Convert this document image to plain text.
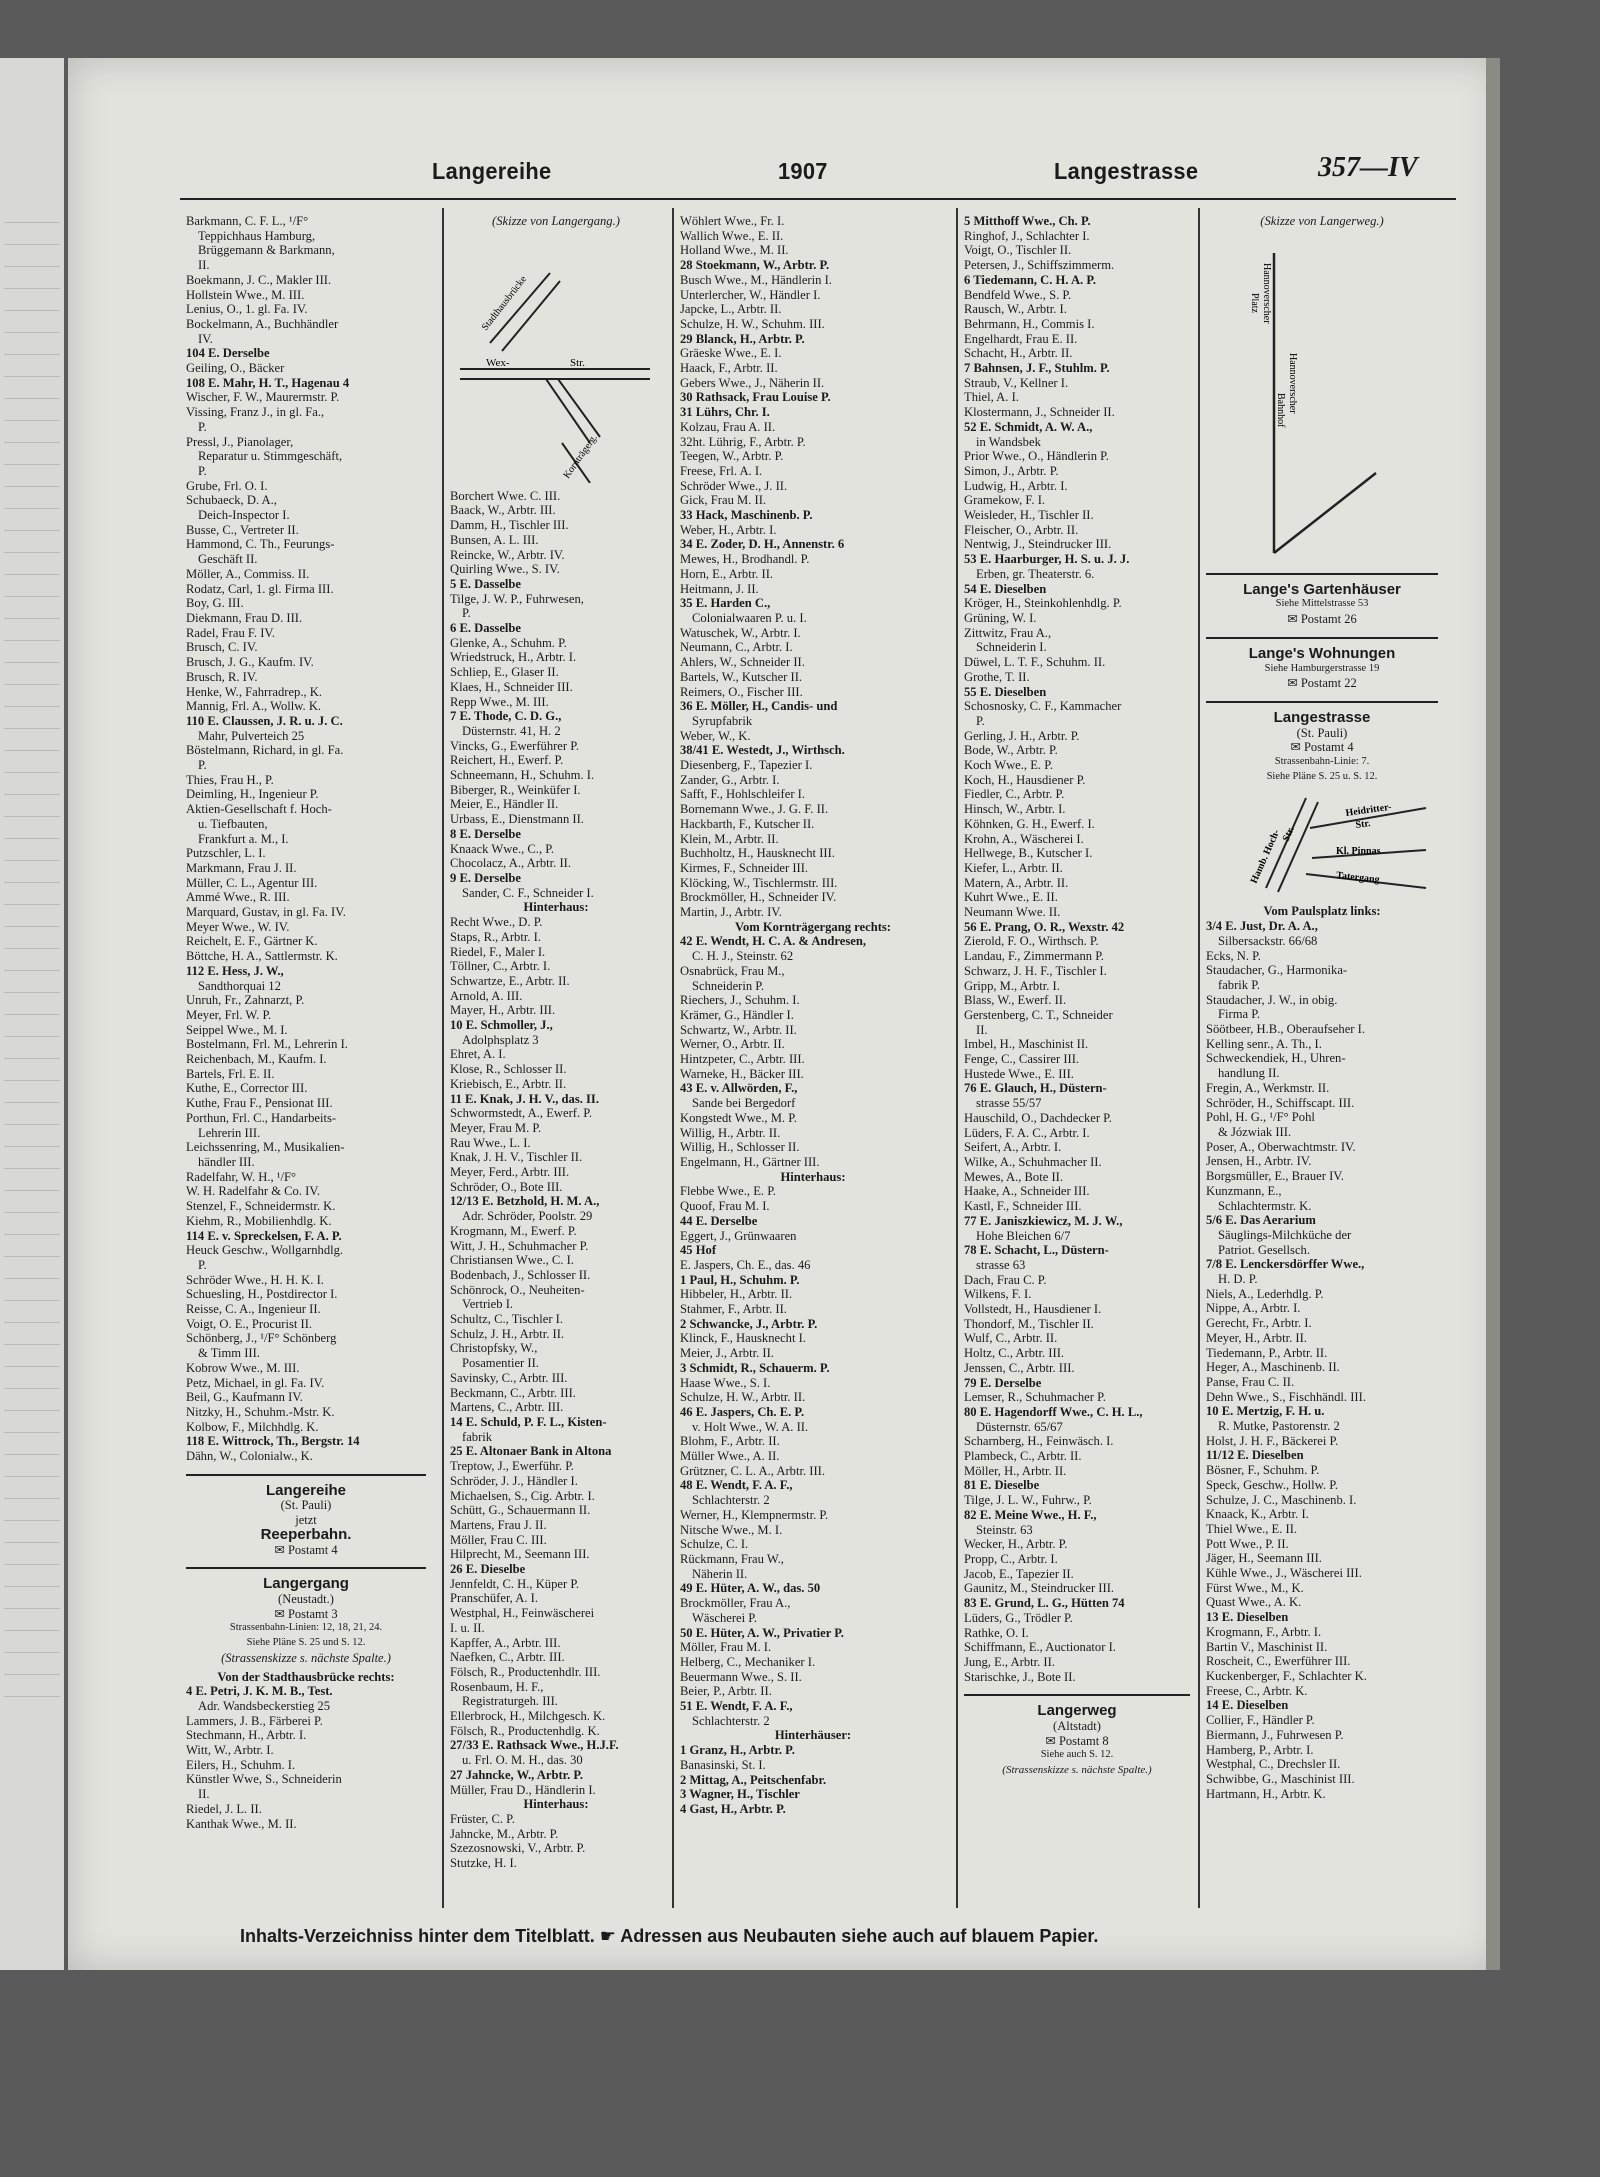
Langereihe	1907	Langestrasse	357—IV
Barkmann, C. F. L., ¹/F°
Teppichhaus Hamburg,
Brüggemann & Barkmann,
II.
Boekmann, J. C., Makler III.
Hollstein Wwe., M. III.
Lenius, O., 1. gl. Fa. IV.
Bockelmann, A., Buchhändler
IV.
104 E. Derselbe
Geiling, O., Bäcker
108 E. Mahr, H. T., Hagenau 4
Wischer, F. W., Maurermstr. P.
Vissing, Franz J., in gl. Fa.,
P.
Pressl, J., Pianolager,
Reparatur u. Stimmgeschäft,
P.
Grube, Frl. O. I.
Schubaeck, D. A.,
Deich-Inspector I.
Busse, C., Vertreter II.
Hammond, C. Th., Feurungs-
Geschäft II.
Möller, A., Commiss. II.
Rodatz, Carl, 1. gl. Firma III.
Boy, G. III.
Diekmann, Frau D. III.
Radel, Frau F. IV.
Brusch, C. IV.
Brusch, J. G., Kaufm. IV.
Brusch, R. IV.
Henke, W., Fahrradrep., K.
Mannig, Frl. A., Wollw. K.
110 E. Claussen, J. R. u. J. C.
Mahr, Pulverteich 25
Böstelmann, Richard, in gl. Fa.
P.
Thies, Frau H., P.
Deimling, H., Ingenieur P.
Aktien-Gesellschaft f. Hoch-
u. Tiefbauten,
Frankfurt a. M., I.
Putzschler, L. I.
Markmann, Frau J. II.
Müller, C. L., Agentur III.
Ammé Wwe., R. III.
Marquard, Gustav, in gl. Fa. IV.
Meyer Wwe., W. IV.
Reichelt, E. F., Gärtner K.
Böttche, H. A., Sattlermstr. K.
112 E. Hess, J. W.,
Sandthorquai 12
Unruh, Fr., Zahnarzt, P.
Meyer, Frl. W. P.
Seippel Wwe., M. I.
Bostelmann, Frl. M., Lehrerin I.
Reichenbach, M., Kaufm. I.
Bartels, Frl. E. II.
Kuthe, E., Corrector III.
Kuthe, Frau F., Pensionat III.
Porthun, Frl. C., Handarbeits-
Lehrerin III.
Leichssenring, M., Musikalien-
händler III.
Radelfahr, W. H., ¹/F°
W. H. Radelfahr & Co. IV.
Stenzel, F., Schneidermstr. K.
Kiehm, R., Mobilienhdlg. K.
114 E. v. Spreckelsen, F. A. P.
Heuck Geschw., Wollgarnhdlg.
P.
Schröder Wwe., H. H. K. I.
Schuesling, H., Postdirector I.
Reisse, C. A., Ingenieur II.
Voigt, O. E., Procurist II.
Schönberg, J., ¹/F° Schönberg
& Timm III.
Kobrow Wwe., M. III.
Petz, Michael, in gl. Fa. IV.
Beil, G., Kaufmann IV.
Nitzky, H., Schuhm.-Mstr. K.
Kolbow, F., Milchhdlg. K.
118 E. Wittrock, Th., Bergstr. 14
Dähn, W., Colonialw., K.
Langereihe
(St. Pauli)
jetzt
Reeperbahn.
✉ Postamt 4
Langergang
(Neustadt.)
✉ Postamt 3
Strassenbahn-Linien: 12, 18, 21, 24.
Siehe Pläne S. 25 und S. 12.
(Strassenskizze s. nächste Spalte.)
Von der Stadthausbrücke rechts:
4 E. Petri, J. K. M. B., Test.
Adr. Wandsbeckerstieg 25
Lammers, J. B., Färberei P.
Stechmann, H., Arbtr. I.
Witt, W., Arbtr. I.
Eilers, H., Schuhm. I.
Künstler Wwe, S., Schneiderin
II.
Riedel, J. L. II.
Kanthak Wwe., M. II.
(Skizze von Langergang.)
Stadthausbrücke
Wex-	Str.
Kornträgerg.
Borchert Wwe. C. III.
Baack, W., Arbtr. III.
Damm, H., Tischler III.
Bunsen, A. L. III.
Reincke, W., Arbtr. IV.
Quirling Wwe., S. IV.
5 E. Dasselbe
Tilge, J. W. P., Fuhrwesen,
P.
6 E. Dasselbe
Glenke, A., Schuhm. P.
Wriedstruck, H., Arbtr. I.
Schliep, E., Glaser II.
Klaes, H., Schneider III.
Repp Wwe., M. III.
7 E. Thode, C. D. G.,
Düsternstr. 41, H. 2
Vincks, G., Ewerführer P.
Reichert, H., Ewerf. P.
Schneemann, H., Schuhm. I.
Biberger, R., Weinküfer I.
Meier, E., Händler II.
Urbass, E., Dienstmann II.
8 E. Derselbe
Knaack Wwe., C., P.
Chocolacz, A., Arbtr. II.
9 E. Derselbe
Sander, C. F., Schneider I.
Hinterhaus:
Recht Wwe., D. P.
Staps, R., Arbtr. I.
Riedel, F., Maler I.
Töllner, C., Arbtr. I.
Schwartze, E., Arbtr. II.
Arnold, A. III.
Mayer, H., Arbtr. III.
10 E. Schmoller, J.,
Adolphsplatz 3
Ehret, A. I.
Klose, R., Schlosser II.
Kriebisch, E., Arbtr. II.
11 E. Knak, J. H. V., das. II.
Schwormstedt, A., Ewerf. P.
Meyer, Frau M. P.
Rau Wwe., L. I.
Knak, J. H. V., Tischler II.
Meyer, Ferd., Arbtr. III.
Schröder, O., Bote III.
12/13 E. Betzhold, H. M. A.,
Adr. Schröder, Poolstr. 29
Krogmann, M., Ewerf. P.
Witt, J. H., Schuhmacher P.
Christiansen Wwe., C. I.
Bodenbach, J., Schlosser II.
Schönrock, O., Neuheiten-
Vertrieb I.
Schultz, C., Tischler I.
Schulz, J. H., Arbtr. II.
Christopfsky, W.,
Posamentier II.
Savinsky, C., Arbtr. III.
Beckmann, C., Arbtr. III.
Martens, C., Arbtr. III.
14 E. Schuld, P. F. L., Kisten-
fabrik
25 E. Altonaer Bank in Altona
Treptow, J., Ewerführ. P.
Schröder, J. J., Händler I.
Michaelsen, S., Cig. Arbtr. I.
Schütt, G., Schauermann II.
Martens, Frau J. II.
Möller, Frau C. III.
Hilprecht, M., Seemann III.
26 E. Dieselbe
Jennfeldt, C. H., Küper P.
Pranschüfer, A. I.
Westphal, H., Feinwäscherei
I. u. II.
Kapffer, A., Arbtr. III.
Naefken, C., Arbtr. III.
Fölsch, R., Productenhdlr. III.
Rosenbaum, H. F.,
Registraturgeh. III.
Ellerbrock, H., Milchgesch. K.
Fölsch, R., Productenhdlg. K.
27/33 E. Rathsack Wwe., H.J.F.
u. Frl. O. M. H., das. 30
27 Jahncke, W., Arbtr. P.
Müller, Frau D., Händlerin I.
Hinterhaus:
Früster, C. P.
Jahncke, M., Arbtr. P.
Szezosnowski, V., Arbtr. P.
Stutzke, H. I.
Wöhlert Wwe., Fr. I.
Wallich Wwe., E. II.
Holland Wwe., M. II.
28 Stoekmann, W., Arbtr. P.
Busch Wwe., M., Händlerin I.
Unterlercher, W., Händler I.
Japcke, L., Arbtr. II.
Schulze, H. W., Schuhm. III.
29 Blanck, H., Arbtr. P.
Gräeske Wwe., E. I.
Haack, F., Arbtr. II.
Gebers Wwe., J., Näherin II.
30 Rathsack, Frau Louise P.
31 Lührs, Chr. I.
Kolzau, Frau A. II.
32ht. Lührig, F., Arbtr. P.
Teegen, W., Arbtr. P.
Freese, Frl. A. I.
Schröder Wwe., J. II.
Gick, Frau M. II.
33 Hack, Maschinenb. P.
Weber, H., Arbtr. I.
34 E. Zoder, D. H., Annenstr. 6
Mewes, H., Brodhandl. P.
Horn, E., Arbtr. II.
Heitmann, J. II.
35 E. Harden C.,
Colonialwaaren P. u. I.
Watuschek, W., Arbtr. I.
Neumann, C., Arbtr. I.
Ahlers, W., Schneider II.
Bartels, W., Kutscher II.
Reimers, O., Fischer III.
36 E. Möller, H., Candis- und
Syrupfabrik
Weber, W., K.
38/41 E. Westedt, J., Wirthsch.
Diesenberg, F., Tapezier I.
Zander, G., Arbtr. I.
Safft, F., Hohlschleifer I.
Bornemann Wwe., J. G. F. II.
Hackbarth, F., Kutscher II.
Klein, M., Arbtr. II.
Buchholtz, H., Hausknecht III.
Kirmes, F., Schneider III.
Klöcking, W., Tischlermstr. III.
Brockmöller, H., Schneider IV.
Martin, J., Arbtr. IV.
Vom Kornträgergang rechts:
42 E. Wendt, H. C. A. & Andresen,
C. H. J., Steinstr. 62
Osnabrück, Frau M.,
Schneiderin P.
Riechers, J., Schuhm. I.
Krämer, G., Händler I.
Schwartz, W., Arbtr. II.
Werner, O., Arbtr. II.
Hintzpeter, C., Arbtr. III.
Warneke, H., Bäcker III.
43 E. v. Allwörden, F.,
Sande bei Bergedorf
Kongstedt Wwe., M. P.
Willig, H., Arbtr. II.
Willig, H., Schlosser II.
Engelmann, H., Gärtner III.
Hinterhaus:
Flebbe Wwe., E. P.
Quoof, Frau M. I.
44 E. Derselbe
Eggert, J., Grünwaaren
45 Hof
E. Jaspers, Ch. E., das. 46
1 Paul, H., Schuhm. P.
Hibbeler, H., Arbtr. II.
Stahmer, F., Arbtr. II.
2 Schwancke, J., Arbtr. P.
Klinck, F., Hausknecht I.
Meier, J., Arbtr. II.
3 Schmidt, R., Schauerm. P.
Haase Wwe., S. I.
Schulze, H. W., Arbtr. II.
46 E. Jaspers, Ch. E. P.
v. Holt Wwe., W. A. II.
Blohm, F., Arbtr. II.
Müller Wwe., A. II.
Grützner, C. L. A., Arbtr. III.
48 E. Wendt, F. A. F.,
Schlachterstr. 2
Werner, H., Klempnermstr. P.
Nitsche Wwe., M. I.
Schulze, C. I.
Rückmann, Frau W.,
Näherin II.
49 E. Hüter, A. W., das. 50
Brockmöller, Frau A.,
Wäscherei P.
50 E. Hüter, A. W., Privatier P.
Möller, Frau M. I.
Helberg, C., Mechaniker I.
Beuermann Wwe., S. II.
Beier, P., Arbtr. II.
51 E. Wendt, F. A. F.,
Schlachterstr. 2
Hinterhäuser:
1 Granz, H., Arbtr. P.
Banasinski, St. I.
2 Mittag, A., Peitschenfabr.
3 Wagner, H., Tischler
4 Gast, H., Arbtr. P.
5 Mitthoff Wwe., Ch. P.
Ringhof, J., Schlachter I.
Voigt, O., Tischler II.
Petersen, J., Schiffszimmerm.
6 Tiedemann, C. H. A. P.
Bendfeld Wwe., S. P.
Rausch, W., Arbtr. I.
Behrmann, H., Commis I.
Engelhardt, Frau E. II.
Schacht, H., Arbtr. II.
7 Bahnsen, J. F., Stuhlm. P.
Straub, V., Kellner I.
Thiel, A. I.
Klostermann, J., Schneider II.
52 E. Schmidt, A. W. A.,
in Wandsbek
Prior Wwe., O., Händlerin P.
Simon, J., Arbtr. P.
Ludwig, H., Arbtr. I.
Gramekow, F. I.
Weisleder, H., Tischler II.
Fleischer, O., Arbtr. II.
Nentwig, J., Steindrucker III.
53 E. Haarburger, H. S. u. J. J.
Erben, gr. Theaterstr. 6.
54 E. Dieselben
Kröger, H., Steinkohlenhdlg. P.
Grüning, W. I.
Zittwitz, Frau A.,
Schneiderin I.
Düwel, L. T. F., Schuhm. II.
Grothe, T. II.
55 E. Dieselben
Schosnosky, C. F., Kammacher
P.
Gerling, J. H., Arbtr. P.
Bode, W., Arbtr. P.
Koch Wwe., E. P.
Koch, H., Hausdiener P.
Fiedler, C., Arbtr. P.
Hinsch, W., Arbtr. I.
Köhnken, G. H., Ewerf. I.
Krohn, A., Wäscherei I.
Hellwege, B., Kutscher I.
Kiefer, L., Arbtr. II.
Matern, A., Arbtr. II.
Kuhrt Wwe., E. II.
Neumann Wwe. II.
56 E. Prang, O. R., Wexstr. 42
Zierold, F. O., Wirthsch. P.
Landau, F., Zimmermann P.
Schwarz, J. H. F., Tischler I.
Gripp, M., Arbtr. I.
Blass, W., Ewerf. II.
Gerstenberg, C. T., Schneider
II.
Imbel, H., Maschinist II.
Fenge, C., Cassirer III.
Hustede Wwe., E. III.
76 E. Glauch, H., Düstern-
strasse 55/57
Hauschild, O., Dachdecker P.
Lüders, F. A. C., Arbtr. I.
Seifert, A., Arbtr. I.
Wilke, A., Schuhmacher II.
Mewes, A., Bote II.
Haake, A., Schneider III.
Kastl, F., Schneider III.
77 E. Janiszkiewicz, M. J. W.,
Hohe Bleichen 6/7
78 E. Schacht, L., Düstern-
strasse 63
Dach, Frau C. P.
Wilkens, F. I.
Vollstedt, H., Hausdiener I.
Thondorf, M., Tischler II.
Wulf, C., Arbtr. II.
Holtz, C., Arbtr. III.
Jenssen, C., Arbtr. III.
79 E. Derselbe
Lemser, R., Schuhmacher P.
80 E. Hagendorff Wwe., C. H. L.,
Düsternstr. 65/67
Scharnberg, H., Feinwäsch. I.
Plambeck, C., Arbtr. II.
Möller, H., Arbtr. II.
81 E. Dieselbe
Tilge, J. L. W., Fuhrw., P.
82 E. Meine Wwe., H. F.,
Steinstr. 63
Wecker, H., Arbtr. P.
Propp, C., Arbtr. I.
Jacob, E., Tapezier II.
Gaunitz, M., Steindrucker III.
83 E. Grund, L. G., Hütten 74
Lüders, G., Trödler P.
Rathke, O. I.
Schiffmann, E., Auctionator I.
Jung, E., Arbtr. II.
Starischke, J., Bote II.
Langerweg
(Altstadt)
✉ Postamt 8
Siehe auch S. 12.
(Strassenskizze s. nächste Spalte.)
(Skizze von Langerweg.)
Hannoverscher
Platz
Hannoverscher
Bahnhof
Lange's Gartenhäuser
Siehe Mittelstrasse 53
✉ Postamt 26
Lange's Wohnungen
Siehe Hamburgerstrasse 19
✉ Postamt 22
Langestrasse
(St. Pauli)
✉ Postamt 4
Strassenbahn-Linie: 7.
Siehe Pläne S. 25 u. S. 12.
Hamb. Hoch-
Str.
Heidritter-
Str.
Kl. Pinnas
Tatergang
Vom Paulsplatz links:
3/4 E. Just, Dr. A. A.,
Silbersackstr. 66/68
Ecks, N. P.
Staudacher, G., Harmonika-
fabrik P.
Staudacher, J. W., in obig.
Firma P.
Söötbeer, H.B., Oberaufseher I.
Kelling senr., A. Th., I.
Schweckendiek, H., Uhren-
handlung II.
Fregin, A., Werkmstr. II.
Schröder, H., Schiffscapt. III.
Pohl, H. G., ¹/F° Pohl
& Józwiak III.
Poser, A., Oberwachtmstr. IV.
Jensen, H., Arbtr. IV.
Borgsmüller, E., Brauer IV.
Kunzmann, E.,
Schlachtermstr. K.
5/6 E. Das Aerarium
Säuglings-Milchküche der
Patriot. Gesellsch.
7/8 E. Lenckersdörffer Wwe.,
H. D. P.
Niels, A., Lederhdlg. P.
Nippe, A., Arbtr. I.
Gerecht, Fr., Arbtr. I.
Meyer, H., Arbtr. II.
Tiedemann, P., Arbtr. II.
Heger, A., Maschinenb. II.
Panse, Frau C. II.
Dehn Wwe., S., Fischhändl. III.
10 E. Mertzig, F. H. u.
R. Mutke, Pastorenstr. 2
Holst, J. H. F., Bäckerei P.
11/12 E. Dieselben
Bösner, F., Schuhm. P.
Speck, Geschw., Hollw. P.
Schulze, J. C., Maschinenb. I.
Knaack, K., Arbtr. I.
Thiel Wwe., E. II.
Pott Wwe., P. II.
Jäger, H., Seemann III.
Kühle Wwe., J., Wäscherei III.
Fürst Wwe., M., K.
Quast Wwe., A. K.
13 E. Dieselben
Krogmann, F., Arbtr. I.
Bartin V., Maschinist II.
Roscheit, C., Ewerführer III.
Kuckenberger, F., Schlachter K.
Freese, C., Arbtr. K.
14 E. Dieselben
Collier, F., Händler P.
Biermann, J., Fuhrwesen P.
Hamberg, P., Arbtr. I.
Westphal, C., Drechsler II.
Schwibbe, G., Maschinist III.
Hartmann, H., Arbtr. K.
Inhalts-Verzeichniss hinter dem Titelblatt. ☛ Adressen aus Neubauten siehe auch auf blauem Papier.
